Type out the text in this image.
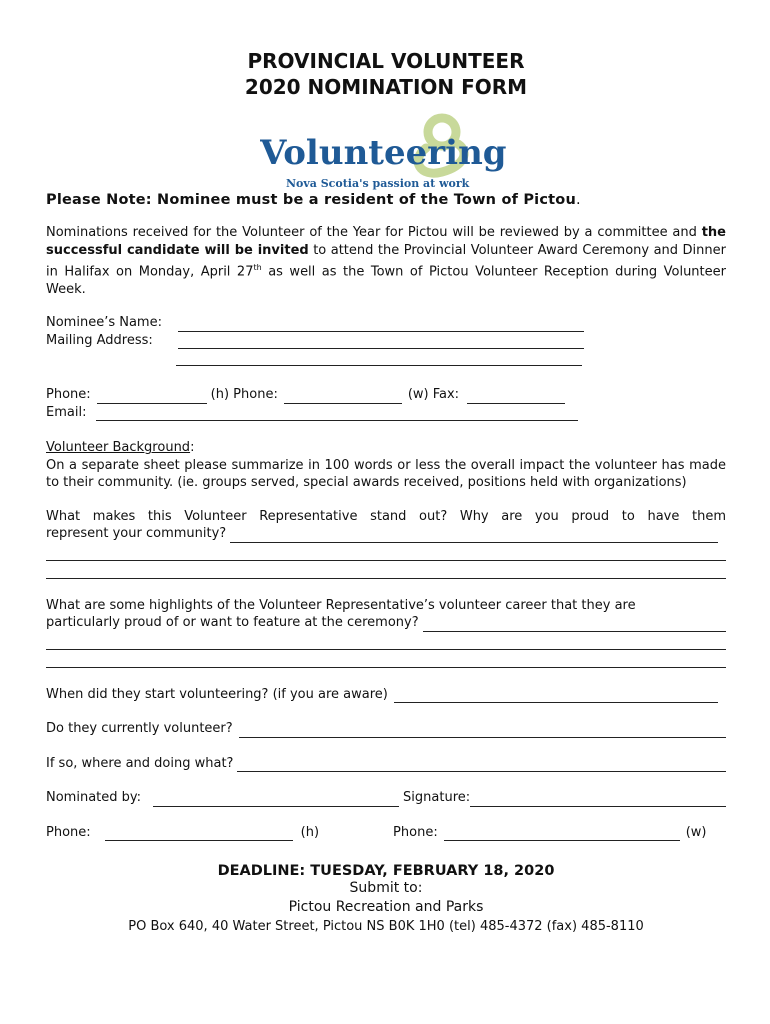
PROVINCIAL VOLUNTEER
2020 NOMINATION FORM
Volunteering
Nova Scotia's passion at work
Please Note: Nominee must be a resident of the Town of Pictou.

Nominations received for the Volunteer of the Year for Pictou will be reviewed by a committee and the successful candidate will be invited to attend the Provincial Volunteer Award Ceremony and Dinner in Halifax on Monday, April 27th as well as the Town of Pictou Volunteer Reception during Volunteer Week.

Nominee’s Name:
Mailing Address:
Phone:	(h) Phone:	(w) Fax:
Email:

Volunteer Background:

On a separate sheet please summarize in 100 words or less the overall impact the volunteer has made to their community. (ie. groups served, special awards received, positions held with organizations)

What makes this Volunteer Representative stand out? Why are you proud to have them

represent your community?

What are some highlights of the Volunteer Representative’s volunteer career that they are

particularly proud of or want to feature at the ceremony?
When did they start volunteering? (if you are aware)
Do they currently volunteer?
If so, where and doing what?
Nominated by:	Signature:
Phone:	(h)	Phone:	(w)
DEADLINE: TUESDAY, FEBRUARY 18, 2020
Submit to:
Pictou Recreation and Parks
PO Box 640, 40 Water Street, Pictou NS B0K 1H0 (tel) 485-4372 (fax) 485-8110
